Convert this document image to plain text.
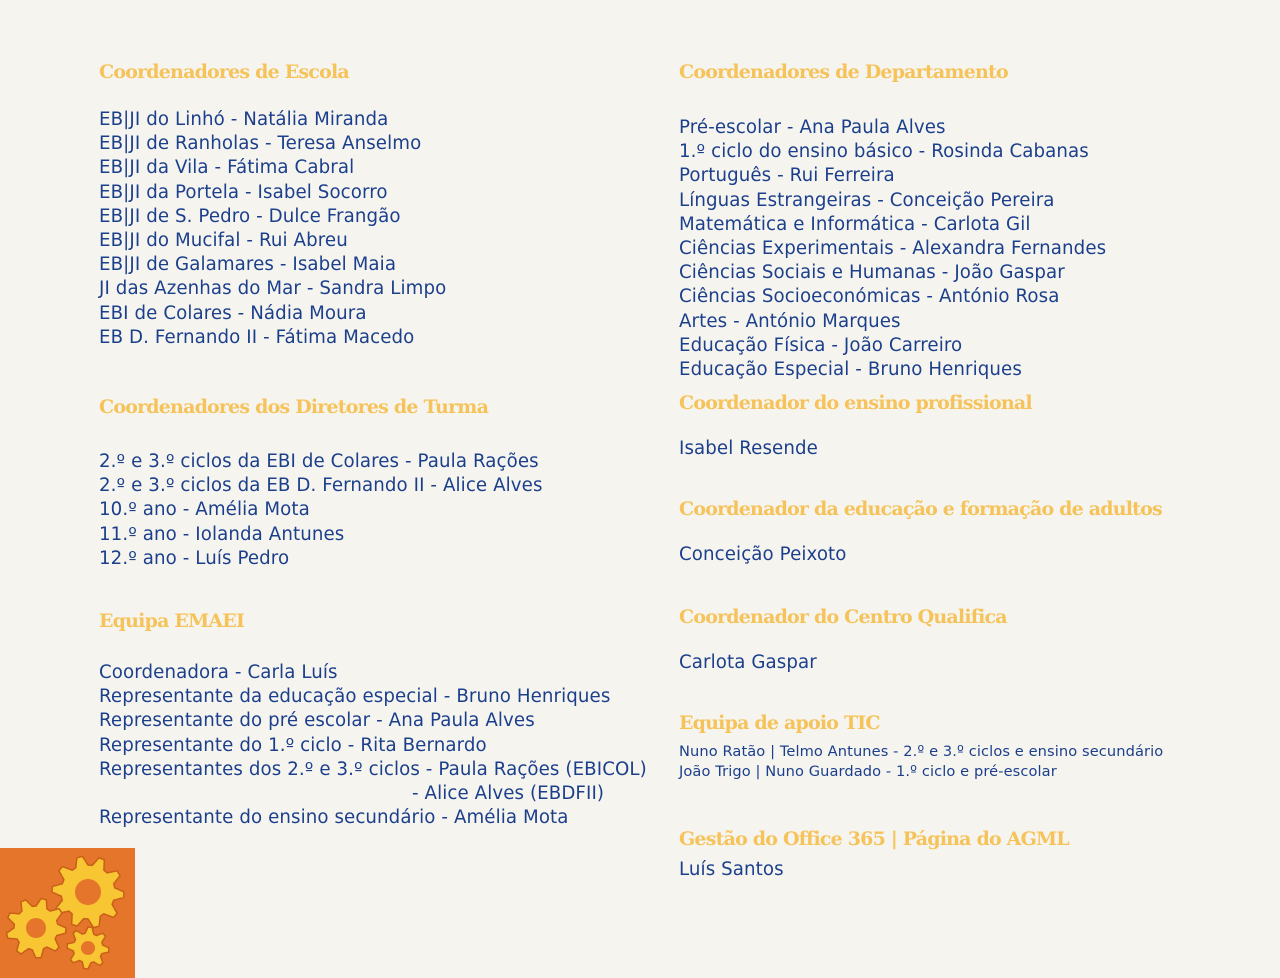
Coordenadores de Escola
EB|JI do Linhó - Natália Miranda
EB|JI de Ranholas - Teresa Anselmo
EB|JI da Vila - Fátima Cabral
EB|JI da Portela - Isabel Socorro
EB|JI de S. Pedro - Dulce Frangão
EB|JI do Mucifal - Rui Abreu
EB|JI de Galamares - Isabel Maia
JI das Azenhas do Mar - Sandra Limpo
EBI de Colares - Nádia Moura
EB D. Fernando II - Fátima Macedo
Coordenadores dos Diretores de Turma
2.º e 3.º ciclos da EBI de Colares - Paula Rações
2.º e 3.º ciclos da EB D. Fernando II - Alice Alves
10.º ano - Amélia Mota
11.º ano - Iolanda Antunes
12.º ano - Luís Pedro
Equipa EMAEI
Coordenadora - Carla Luís
Representante da educação especial - Bruno Henriques
Representante do pré escolar - Ana Paula Alves
Representante do 1.º ciclo - Rita Bernardo
Representantes dos 2.º e 3.º ciclos - Paula Rações (EBICOL)
- Alice Alves (EBDFII)
Representante do ensino secundário - Amélia Mota
Coordenadores de Departamento
Pré-escolar - Ana Paula Alves
1.º ciclo do ensino básico - Rosinda Cabanas
Português - Rui Ferreira
Línguas Estrangeiras - Conceição Pereira
Matemática e Informática - Carlota Gil
Ciências Experimentais - Alexandra Fernandes
Ciências Sociais e Humanas - João Gaspar
Ciências Socioeconómicas - António Rosa
Artes - António Marques
Educação Física - João Carreiro
Educação Especial - Bruno Henriques
Coordenador do ensino profissional

Isabel Resende

Coordenador da educação e formação de adultos

Conceição Peixoto

Coordenador do Centro Qualifica

Carlota Gaspar

Equipa de apoio TIC
Nuno Ratão | Telmo Antunes - 2.º e 3.º ciclos e ensino secundário
João Trigo | Nuno Guardado - 1.º ciclo e pré-escolar
Gestão do Office 365 | Página do AGML

Luís Santos
